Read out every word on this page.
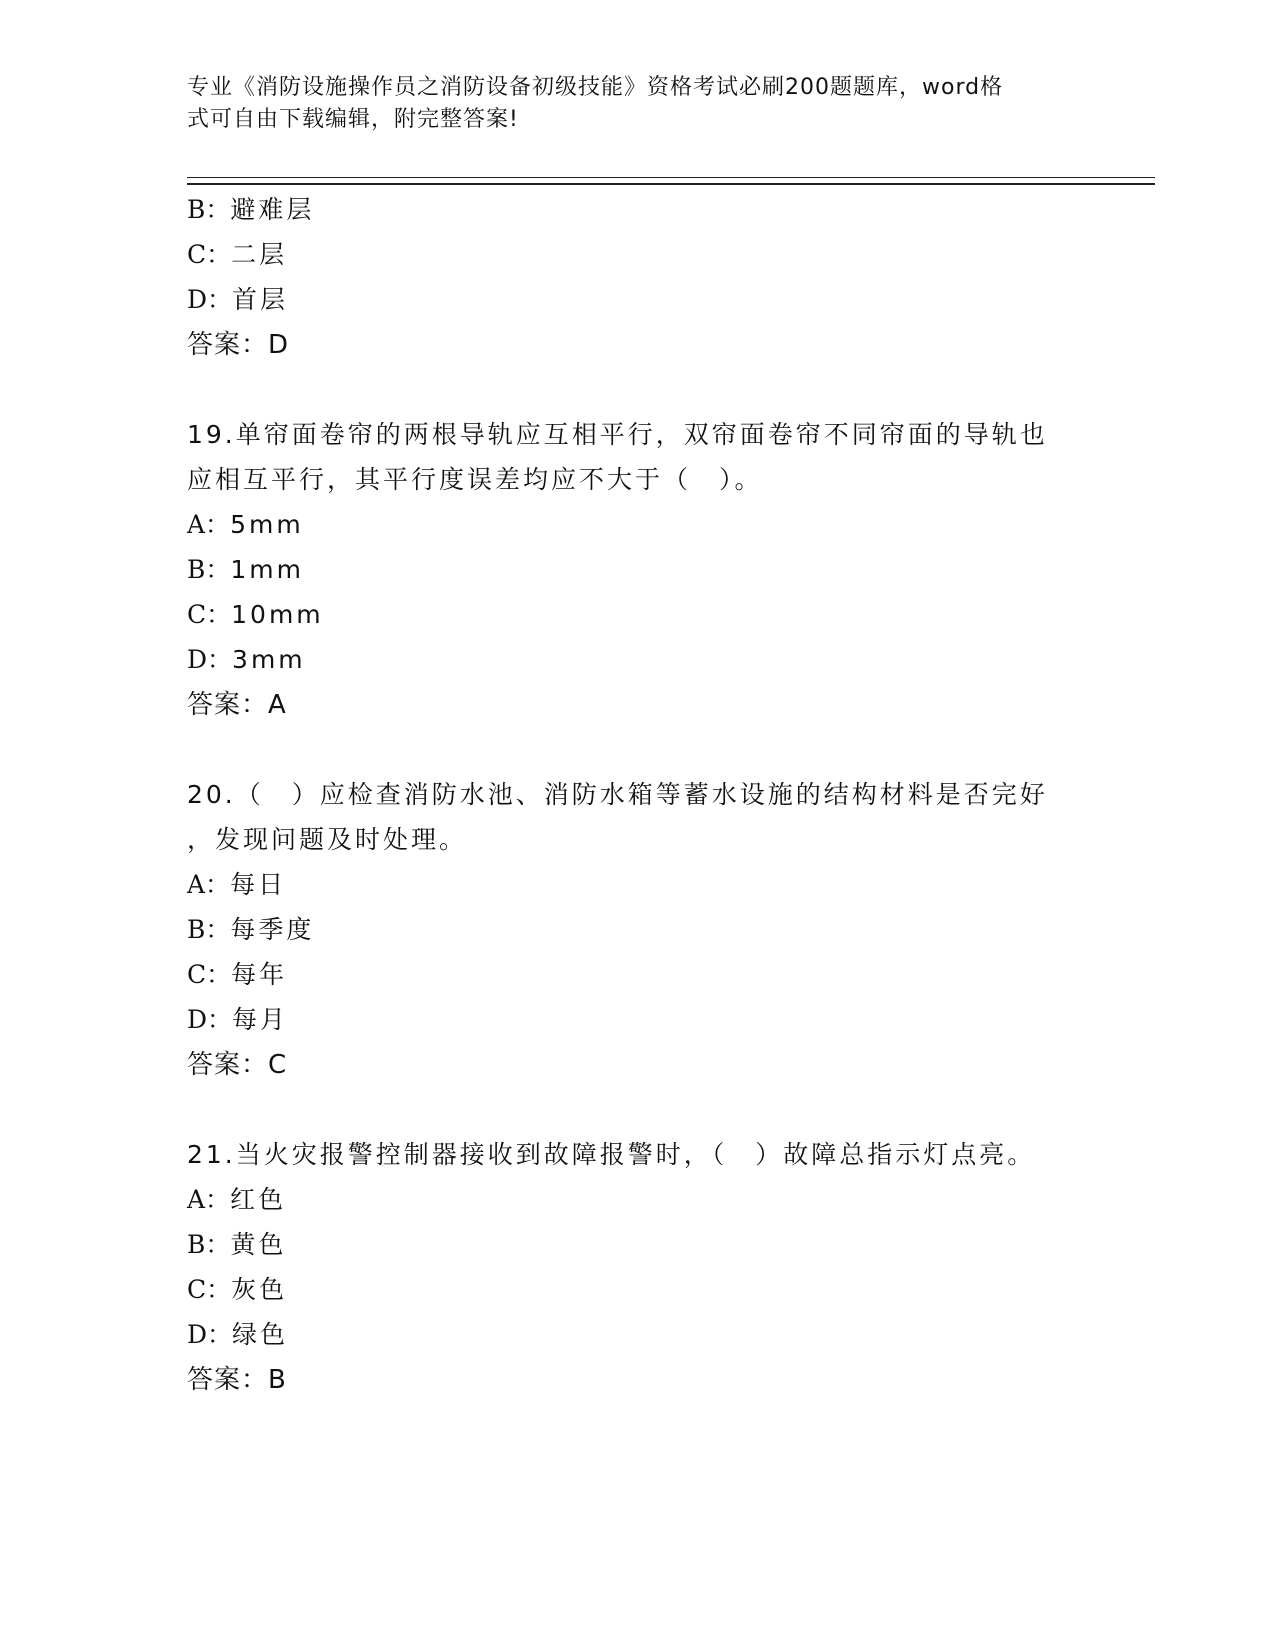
专业《消防设施操作员之消防设备初级技能》资格考试必刷200题题库，word格
式可自由下载编辑，附完整答案!
B：避难层
C：二层
D：首层
答案：D
19.单帘面卷帘的两根导轨应互相平行，双帘面卷帘不同帘面的导轨也
应相互平行，其平行度误差均应不大于（　）。
A：5mm
B：1mm
C：10mm
D：3mm
答案：A
20.（　）应检查消防水池、消防水箱等蓄水设施的结构材料是否完好
，发现问题及时处理。
A：每日
B：每季度
C：每年
D：每月
答案：C
21.当火灾报警控制器接收到故障报警时，（　）故障总指示灯点亮。
A：红色
B：黄色
C：灰色
D：绿色
答案：B
